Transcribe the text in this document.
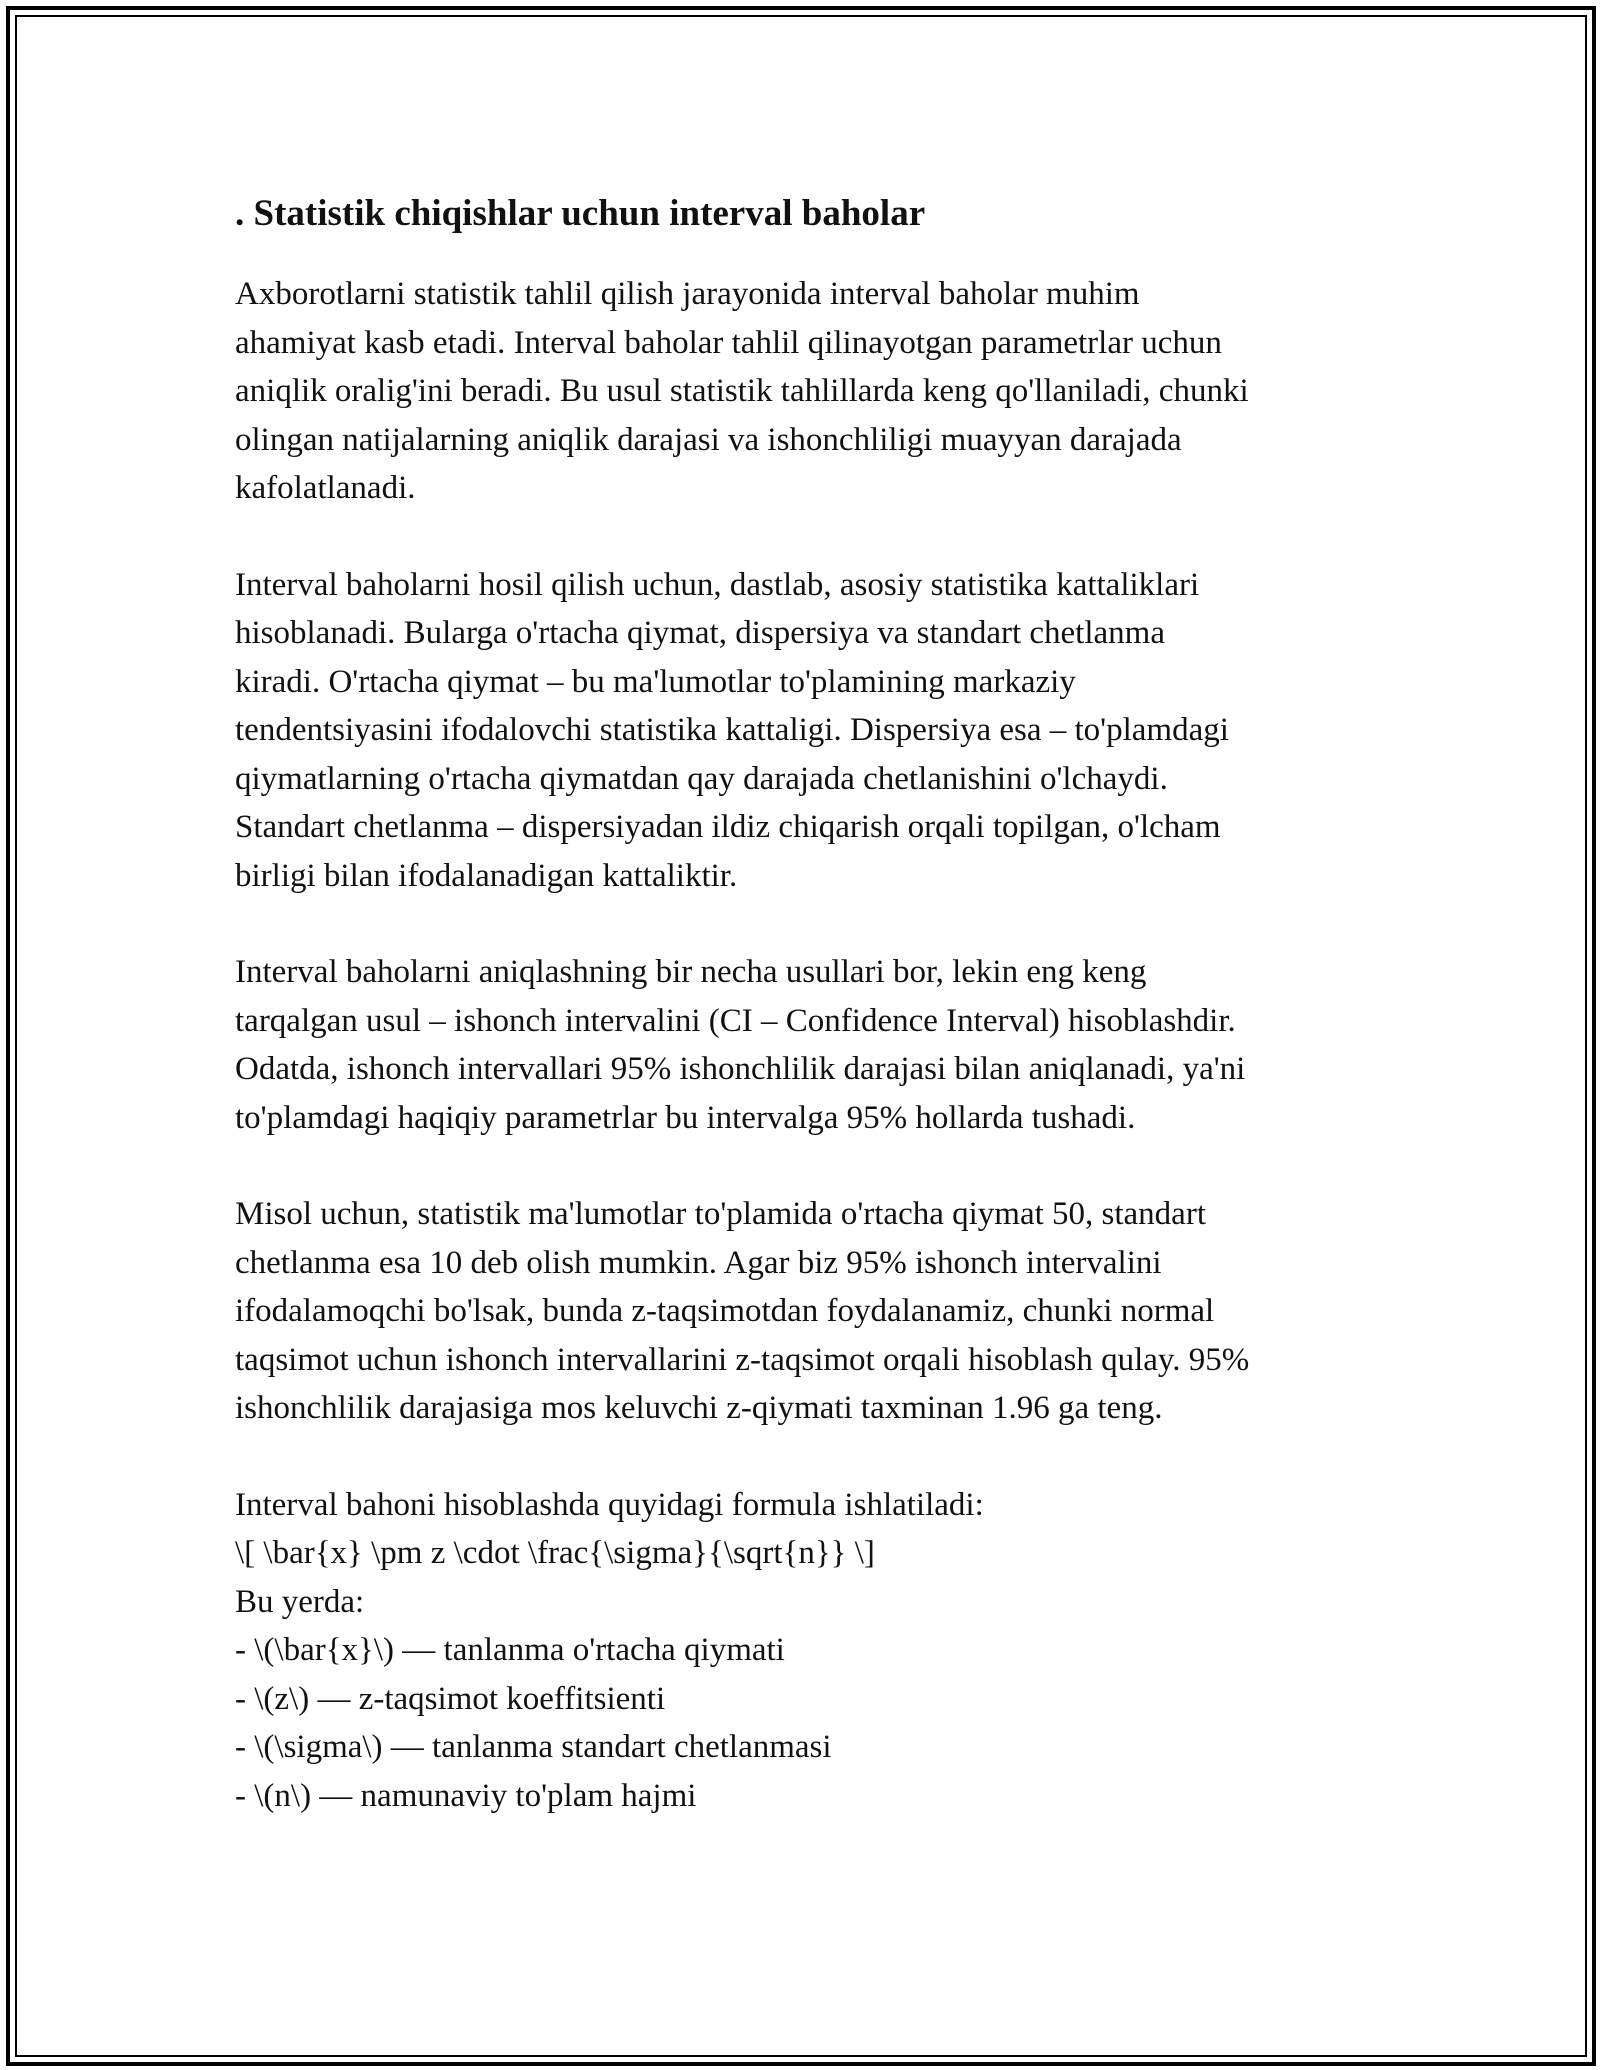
. Statistik chiqishlar uchun interval baholar

Axborotlarni statistik tahlil qilish jarayonida interval baholar muhim
ahamiyat kasb etadi. Interval baholar tahlil qilinayotgan parametrlar uchun
aniqlik oralig'ini beradi. Bu usul statistik tahlillarda keng qo'llaniladi, chunki
olingan natijalarning aniqlik darajasi va ishonchliligi muayyan darajada
kafolatlanadi.

Interval baholarni hosil qilish uchun, dastlab, asosiy statistika kattaliklari
hisoblanadi. Bularga o'rtacha qiymat, dispersiya va standart chetlanma
kiradi. O'rtacha qiymat – bu ma'lumotlar to'plamining markaziy
tendentsiyasini ifodalovchi statistika kattaligi. Dispersiya esa – to'plamdagi
qiymatlarning o'rtacha qiymatdan qay darajada chetlanishini o'lchaydi.
Standart chetlanma – dispersiyadan ildiz chiqarish orqali topilgan, o'lcham
birligi bilan ifodalanadigan kattaliktir.

Interval baholarni aniqlashning bir necha usullari bor, lekin eng keng
tarqalgan usul – ishonch intervalini (CI – Confidence Interval) hisoblashdir.
Odatda, ishonch intervallari 95% ishonchlilik darajasi bilan aniqlanadi, ya'ni
to'plamdagi haqiqiy parametrlar bu intervalga 95% hollarda tushadi.

Misol uchun, statistik ma'lumotlar to'plamida o'rtacha qiymat 50, standart
chetlanma esa 10 deb olish mumkin. Agar biz 95% ishonch intervalini
ifodalamoqchi bo'lsak, bunda z-taqsimotdan foydalanamiz, chunki normal
taqsimot uchun ishonch intervallarini z-taqsimot orqali hisoblash qulay. 95%
ishonchlilik darajasiga mos keluvchi z-qiymati taxminan 1.96 ga teng.

Interval bahoni hisoblashda quyidagi formula ishlatiladi:
\[ \bar{x} \pm z \cdot \frac{\sigma}{\sqrt{n}} \]
Bu yerda:
- \(\bar{x}\) — tanlanma o'rtacha qiymati
- \(z\) — z-taqsimot koeffitsienti
- \(\sigma\) — tanlanma standart chetlanmasi
- \(n\) — namunaviy to'plam hajmi
